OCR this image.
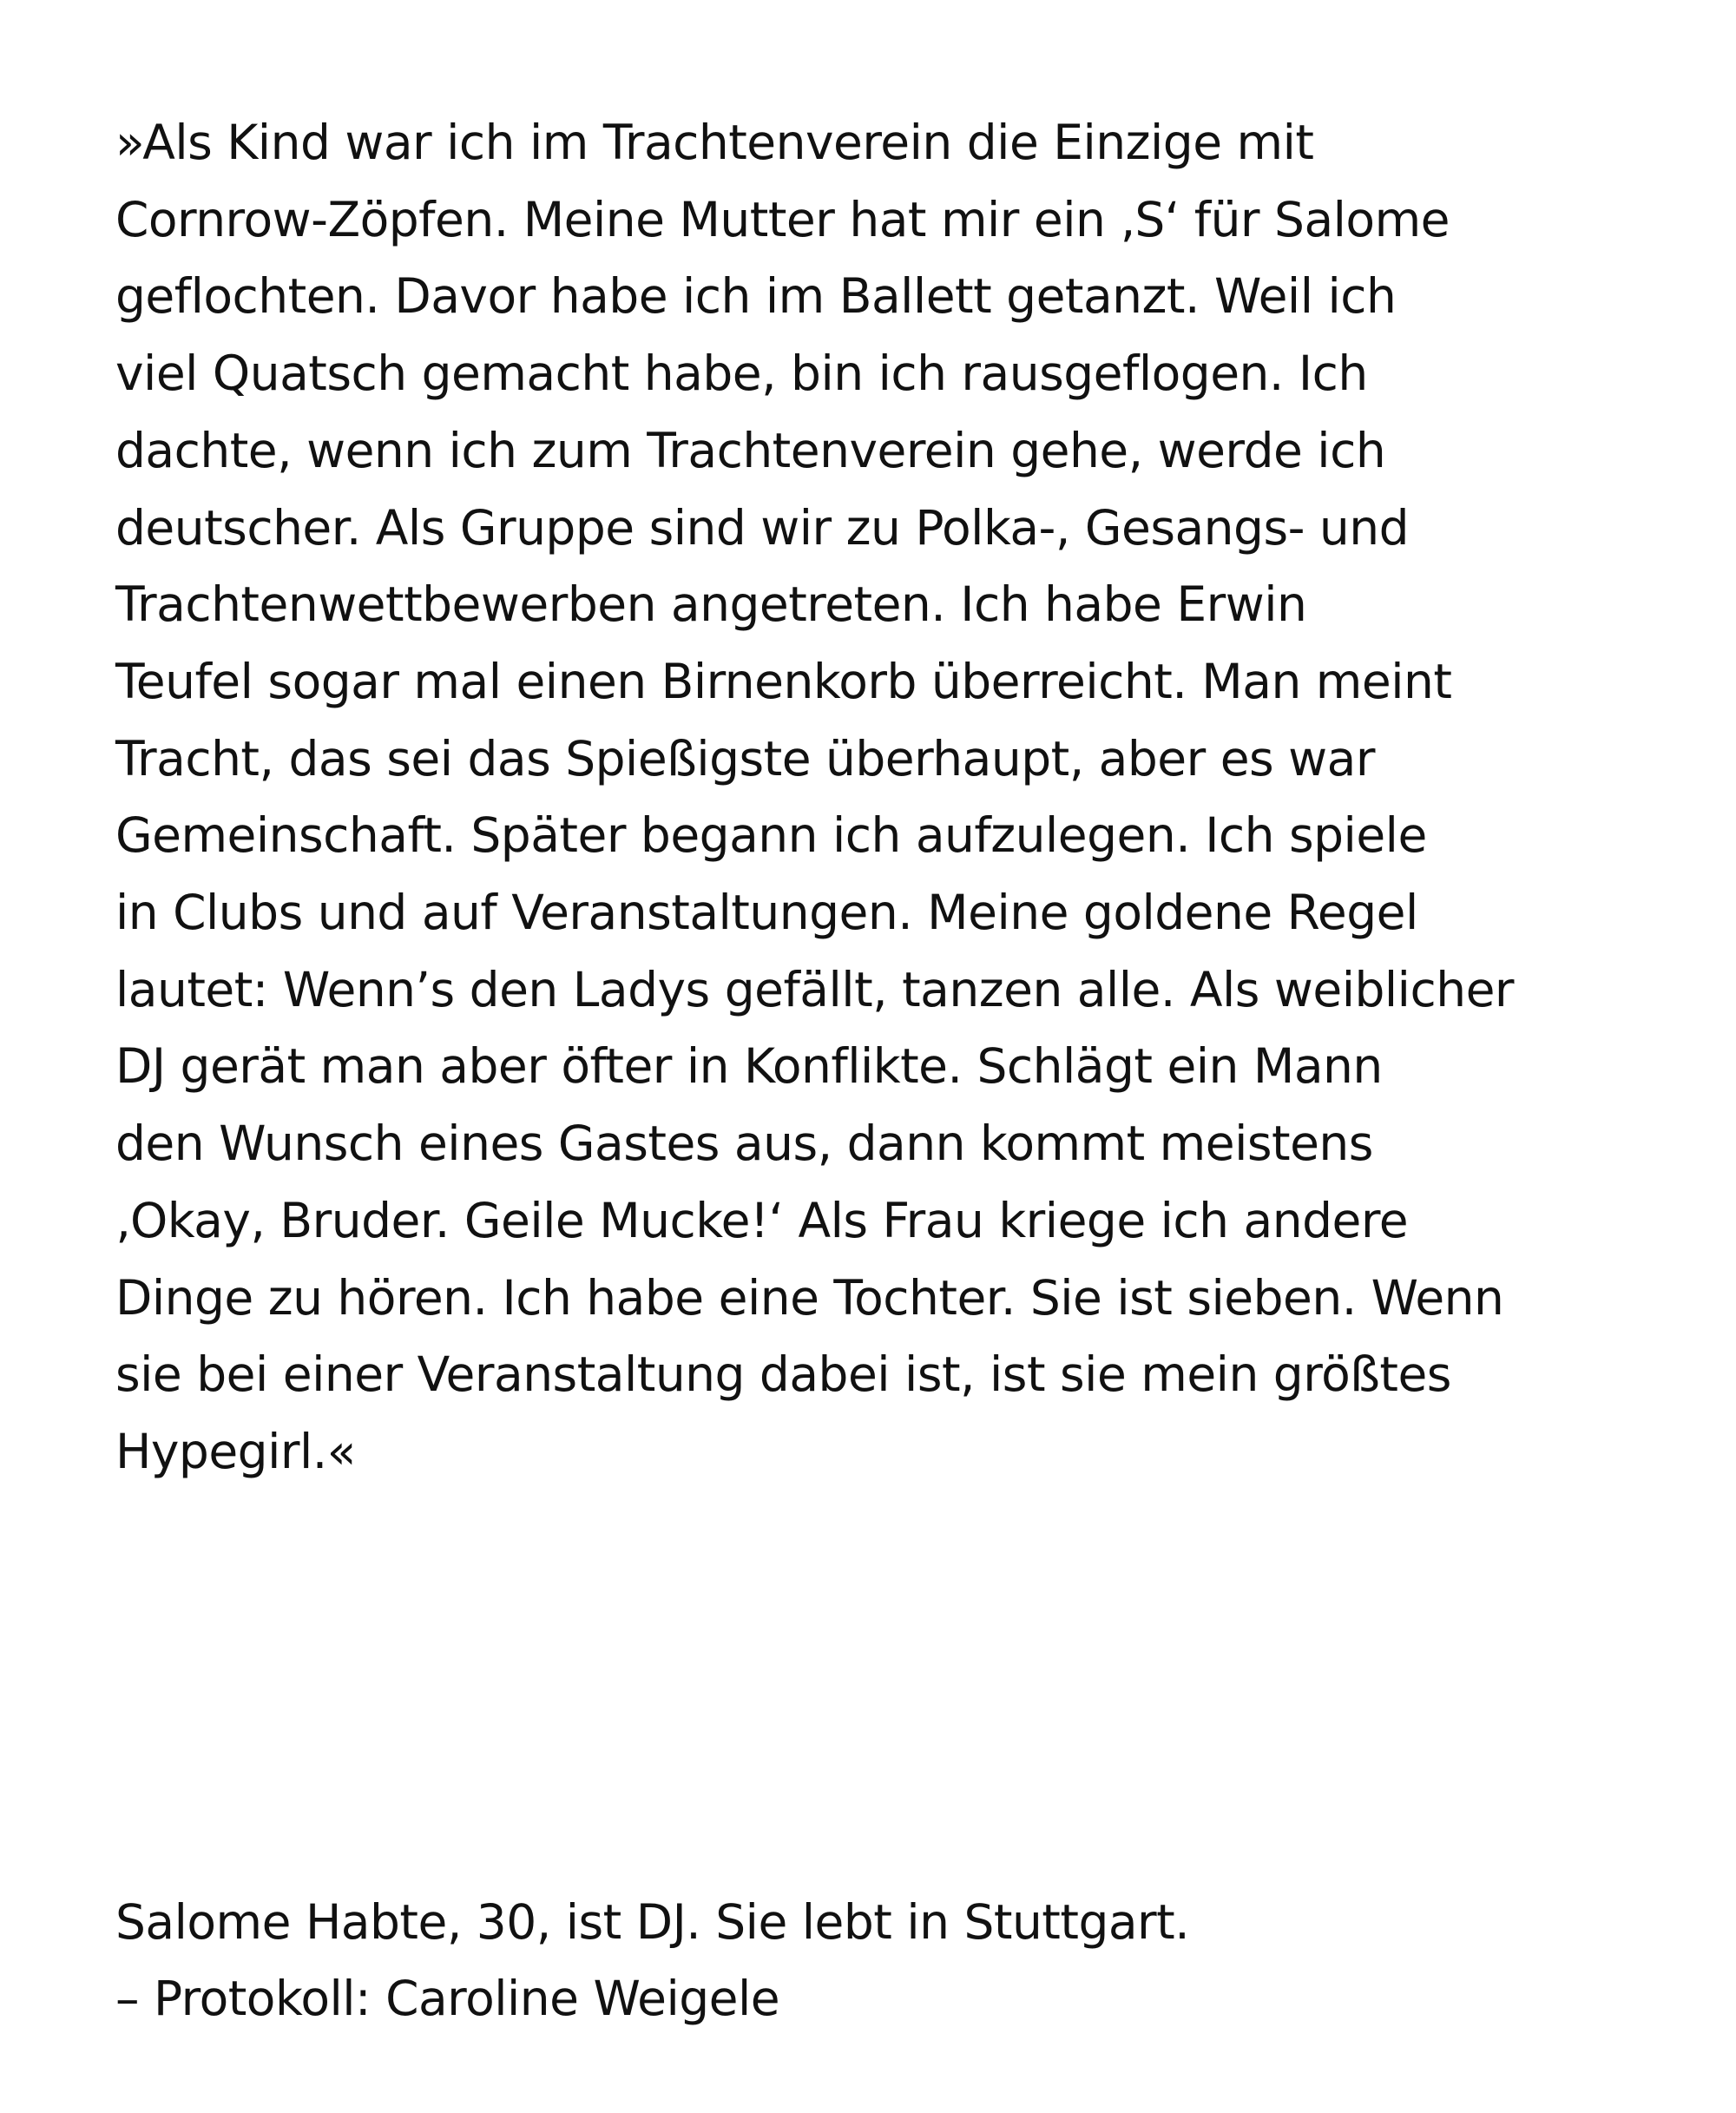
»Als Kind war ich im Trachtenverein die Einzige mit
Cornrow-Zöpfen. Meine Mutter hat mir ein ‚S‘ für Salome
geflochten. Davor habe ich im Ballett getanzt. Weil ich
viel Quatsch gemacht habe, bin ich rausgeflogen. Ich
dachte, wenn ich zum Trachtenverein gehe, werde ich
deutscher. Als Gruppe sind wir zu Polka-, Gesangs- und
Trachtenwettbewerben angetreten. Ich habe Erwin
Teufel sogar mal einen Birnenkorb überreicht. Man meint
Tracht, das sei das Spießigste überhaupt, aber es war
Gemeinschaft. Später begann ich aufzulegen. Ich spiele
in Clubs und auf Veranstaltungen. Meine goldene Regel
lautet: Wenn’s den Ladys gefällt, tanzen alle. Als weiblicher
DJ gerät man aber öfter in Konflikte. Schlägt ein Mann
den Wunsch eines Gastes aus, dann kommt meistens
‚Okay, Bruder. Geile Mucke!‘ Als Frau kriege ich andere
Dinge zu hören. Ich habe eine Tochter. Sie ist sieben. Wenn
sie bei einer Veranstaltung dabei ist, ist sie mein größtes
Hypegirl.«
Salome Habte, 30, ist DJ. Sie lebt in Stuttgart.
– Protokoll: Caroline Weigele
